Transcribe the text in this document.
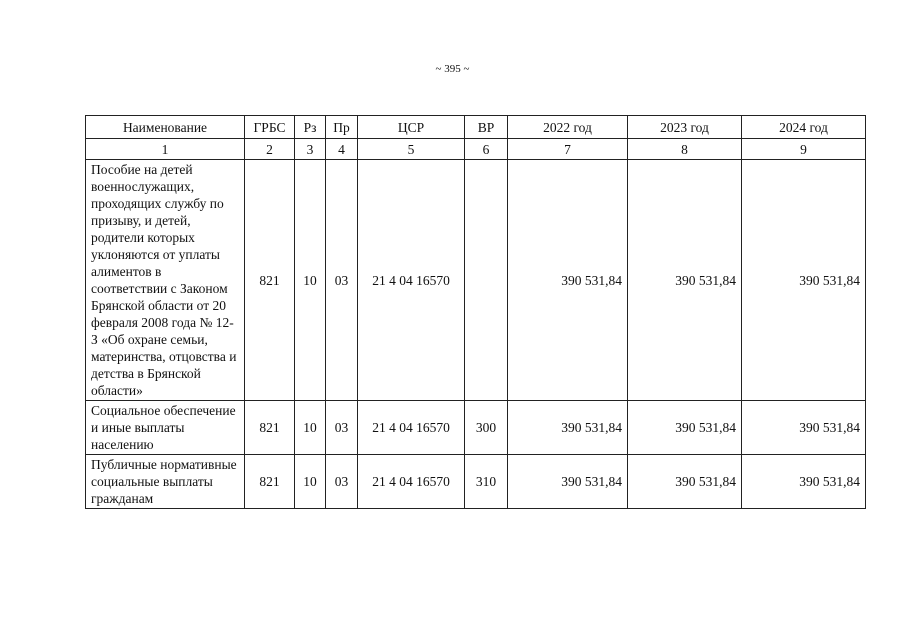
~ 395 ~
Наименование	ГРБС	Рз	Пр	ЦСР	ВР	2022 год	2023 год	2024 год
1	2	3	4	5	6	7	8	9
Пособие на детей военнослужащих, проходящих службу по призыву, и детей, родители которых уклоняются от уплаты алиментов в соответствии с Законом Брянской области от 20 февраля 2008 года № 12-З «Об охране семьи, материнства, отцовства и детства в Брянской области»	821	10	03	21 4 04 16570		390 531,84	390 531,84	390 531,84
Социальное обеспечение и иные выплаты населению	821	10	03	21 4 04 16570	300	390 531,84	390 531,84	390 531,84
Публичные нормативные социальные выплаты гражданам	821	10	03	21 4 04 16570	310	390 531,84	390 531,84	390 531,84
